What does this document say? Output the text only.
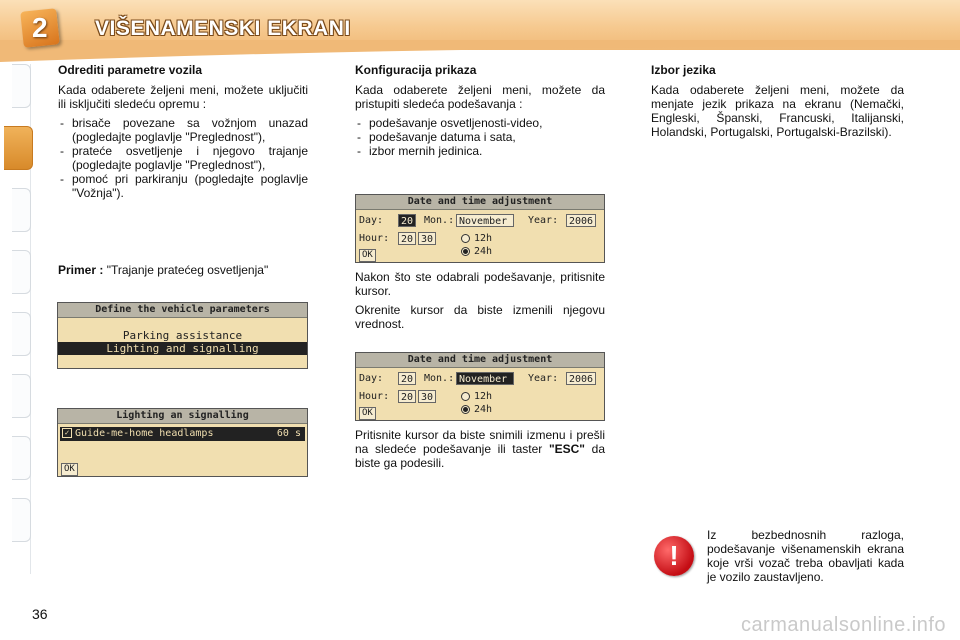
2 VIŠENAMENSKI EKRANI
Odrediti parametre vozila

Kada odaberete željeni meni, možete uključiti ili isključiti sledeću opremu :

- brisače povezane sa vožnjom unazad (pogledajte poglavlje "Preglednost"),
- prateće osvetljenje i njegovo trajanje (pogledajte poglavlje "Preglednost"),
- pomoć pri parkiranju (pogledajte poglavlje "Vožnja").
Primer : "Trajanje pratećeg osvetljenja"
Define the vehicle parameters
Parking assistance
Lighting and signalling
Lighting an signalling
✓ Guide-me-home headlamps	60 s
OK
Konfiguracija prikaza

Kada odaberete željeni meni, možete da pristupiti sledeća podešavanja :

- podešavanje osvetljenosti-video,
- podešavanje datuma i sata,
- izbor mernih jedinica.
Date and time adjustment
Day:	20	Mon.: November	Year:	2006
Hour:	20 30	12h
24h
OK

Nakon što ste odabrali podešavanje, pritisnite kursor.

Okrenite kursor da biste izmenili njegovu vrednost.

Date and time adjustment
Day:	20	Mon.: November	Year:	2006
Hour:	20 30	12h
24h
OK

Pritisnite kursor da biste snimili izmenu i prešli na sledeće podešavanje ili taster "ESC" da biste ga podesili.

Izbor jezika

Kada odaberete željeni meni, možete da menjate jezik prikaza na ekranu (Nemački, Engleski, Španski, Francuski, Italijanski, Holandski, Portugalski, Portugalski-Brazilski).

!
Iz bezbednosnih razloga, podešavanje višenamenskih ekrana koje vrši vozač treba obavljati kada je vozilo zaustavljeno.
36	carmanualsonline.info
